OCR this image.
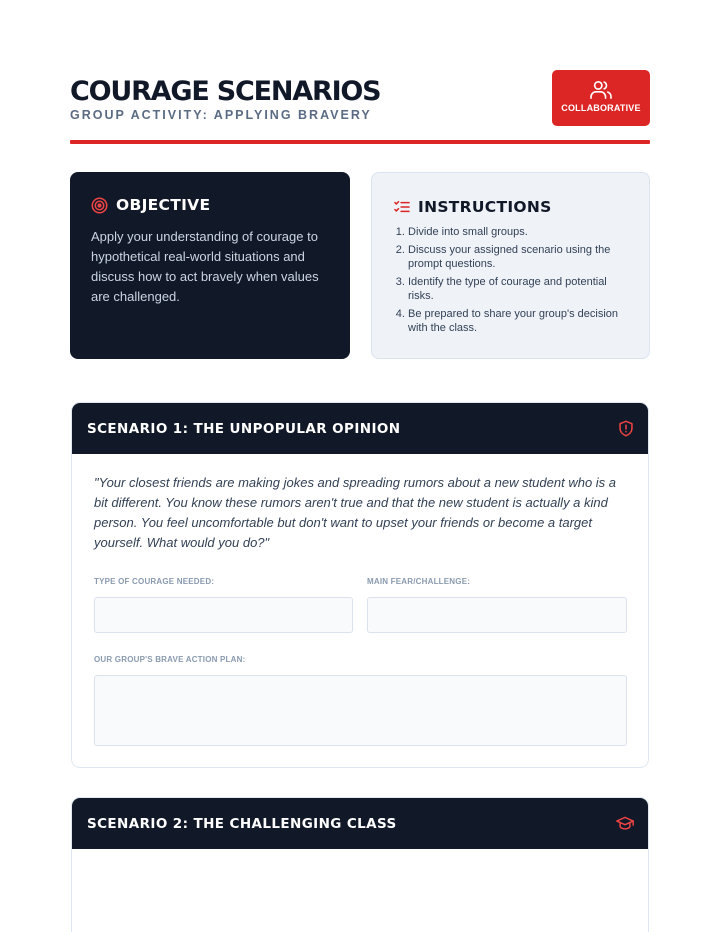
COURAGE SCENARIOS
GROUP ACTIVITY: APPLYING BRAVERY	COLLABORATIVE
OBJECTIVE

Apply your understanding of courage to hypothetical real-world situations and discuss how to act bravely when values are challenged.

INSTRUCTIONS
1. Divide into small groups.
2. Discuss your assigned scenario using the prompt questions.
3. Identify the type of courage and potential risks.
4. Be prepared to share your group's decision with the class.
SCENARIO 1: THE UNPOPULAR OPINION
"Your closest friends are making jokes and spreading rumors about a new student who is a bit different. You know these rumors aren't true and that the new student is actually a kind person. You feel uncomfortable but don't want to upset your friends or become a target yourself. What would you do?"
TYPE OF COURAGE NEEDED:	MAIN FEAR/CHALLENGE:
OUR GROUP'S BRAVE ACTION PLAN:
SCENARIO 2: THE CHALLENGING CLASS
